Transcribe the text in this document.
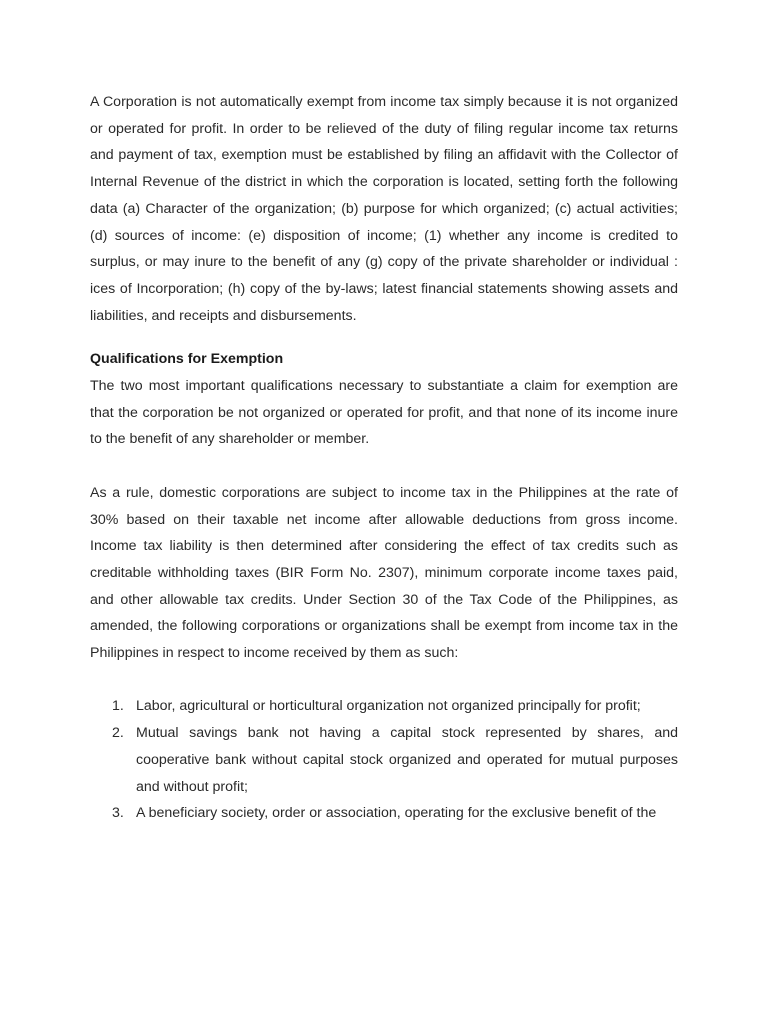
A Corporation is not automatically exempt from income tax simply because it is not organized or operated for profit. In order to be relieved of the duty of filing regular income tax returns and payment of tax, exemption must be established by filing an affidavit with the Collector of Internal Revenue of the district in which the corporation is located, setting forth the following data (a) Character of the organization; (b) purpose for which organized; (c) actual activities; (d) sources of income: (e) disposition of income; (1) whether any income is credited to surplus, or may inure to the benefit of any (g) copy of the private shareholder or individual : ices of Incorporation; (h) copy of the by-laws; latest financial statements showing assets and liabilities, and receipts and disbursements.

Qualifications for Exemption

The two most important qualifications necessary to substantiate a claim for exemption are that the corporation be not organized or operated for profit, and that none of its income inure to the benefit of any shareholder or member.

As a rule, domestic corporations are subject to income tax in the Philippines at the rate of 30% based on their taxable net income after allowable deductions from gross income. Income tax liability is then determined after considering the effect of tax credits such as creditable withholding taxes (BIR Form No. 2307), minimum corporate income taxes paid, and other allowable tax credits. Under Section 30 of the Tax Code of the Philippines, as amended, the following corporations or organizations shall be exempt from income tax in the Philippines in respect to income received by them as such:

1. Labor, agricultural or horticultural organization not organized principally for profit;
2. Mutual savings bank not having a capital stock represented by shares, and cooperative bank without capital stock organized and operated for mutual purposes and without profit;
3. A beneficiary society, order or association, operating for the exclusive benefit of the
